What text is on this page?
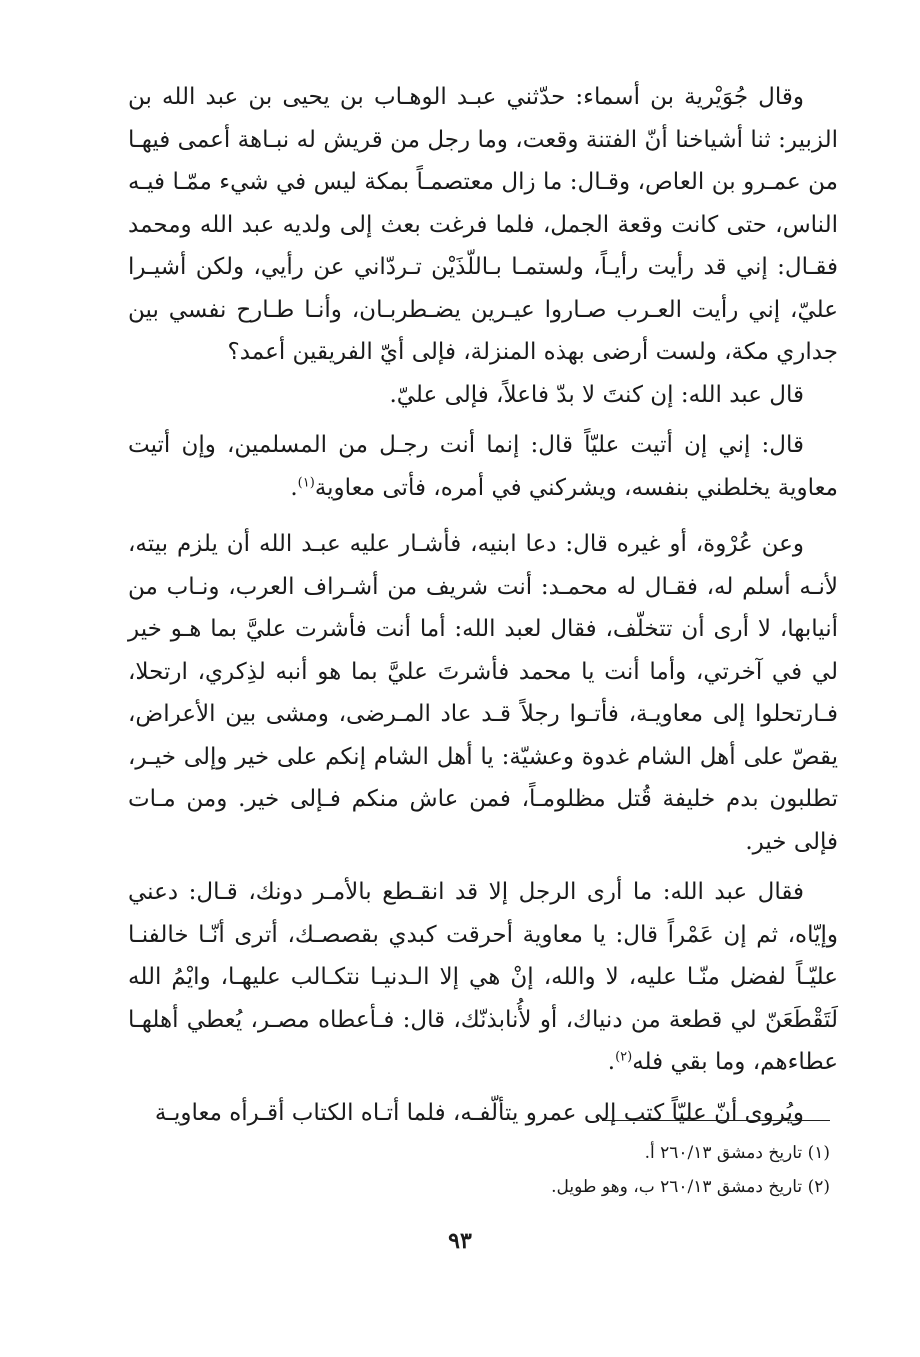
وقال جُوَيْرية بن أسماء: حدّثني عبـد الوهـاب بن يحيى بن عبد الله بن الزبير: ثنا أشياخنا أنّ الفتنة وقعت، وما رجل من قريش له نبـاهة أعمى فيهـا من عمـرو بن العاص، وقـال: ما زال معتصمـاً بمكة ليس في شيء ممّـا فيـه الناس، حتى كانت وقعة الجمل، فلما فرغت بعث إلى ولديه عبد الله ومحمد فقـال: إني قد رأيت رأيـاً، ولستمـا بـاللّذَيْن تـردّاني عن رأيي، ولكن أشيـرا عليّ، إني رأيت العـرب صـاروا عيـرين يضـطربـان، وأنـا طـارح نفسي بين جداري مكة، ولست أرضى بهذه المنزلة، فإلى أيّ الفريقين أعمد؟

قال عبد الله: إن كنتَ لا بدّ فاعلاً، فإلى عليّ.

قال: إني إن أتيت عليّاً قال: إنما أنت رجـل من المسلمين، وإن أتيت معاوية يخلطني بنفسه، ويشركني في أمره، فأتى معاوية$^{(١)}$.

وعن عُرْوة، أو غيره قال: دعا ابنيه، فأشـار عليه عبـد الله أن يلزم بيته، لأنـه أسلم له، فقـال له محمـد: أنت شريف من أشـراف العرب، ونـاب من أنيابها، لا أرى أن تتخلّف، فقال لعبد الله: أما أنت فأشرت عليَّ بما هـو خير لي في آخرتي، وأما أنت يا محمد فأشرتَ عليَّ بما هو أنبه لذِكري، ارتحلا، فـارتحلوا إلى معاويـة، فأتـوا رجلاً قـد عاد المـرضى، ومشى بين الأعراض، يقصّ على أهل الشام غدوة وعشيّة: يا أهل الشام إنكم على خير وإلى خيـر، تطلبون بدم خليفة قُتل مظلومـاً، فمن عاش منكم فـإلى خير. ومن مـات فإلى خير.

فقال عبد الله: ما أرى الرجل إلا قد انقـطع بالأمـر دونك، قـال: دعني وإيّاه، ثم إن عَمْراً قال: يا معاوية أحرقت كبدي بقصصـك، أترى أنّـا خالفنـا عليّـاً لفضل منّـا عليه، لا والله، إنْ هي إلا الـدنيـا نتكـالب عليهـا، وايْمُ الله لَتَقْطَعَنّ لي قطعة من دنياك، أو لأُنابذنّك، قال: فـأعطاه مصـر، يُعطي أهلهـا عطاءهم، وما بقي فله$^{(٢)}$.

ويُروى أنّ عليّاً كتب إلى عمرو يتألّفـه، فلما أتـاه الكتاب أقـرأه معاويـة

(١) تاريخ دمشق ٢٦٠/١٣ أ.
(٢) تاريخ دمشق ٢٦٠/١٣ ب، وهو طويل.
٩٣
